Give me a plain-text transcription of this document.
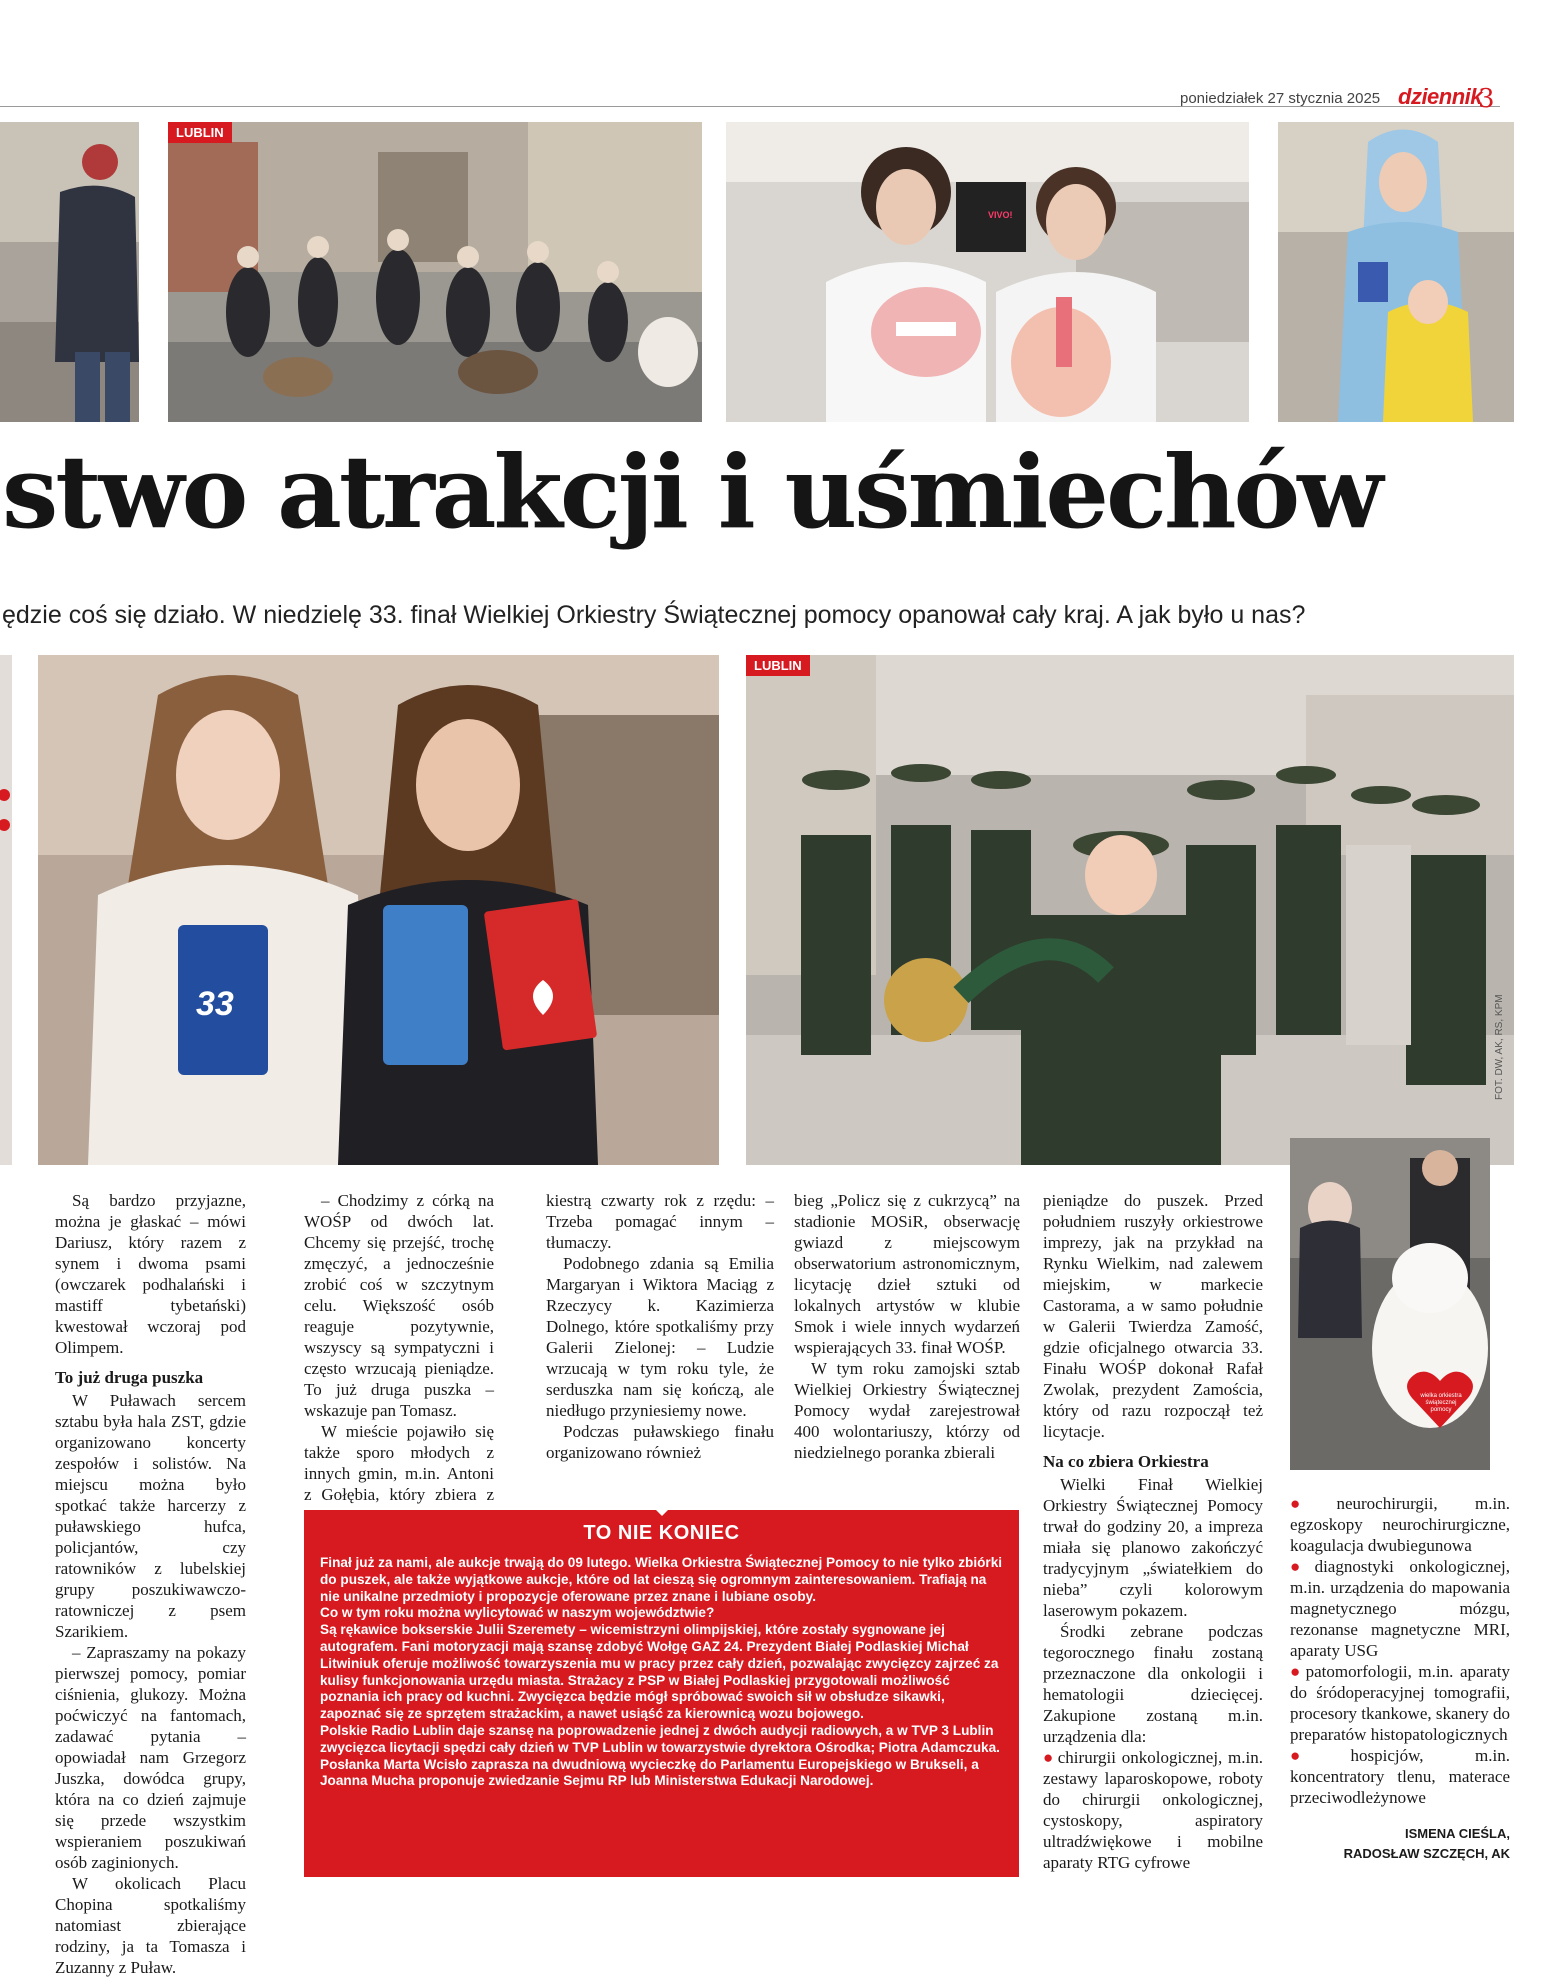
poniedziałek 27 stycznia 2025 dziennik
3
LUBLIN
VIVO!
stwo atrakcji i uśmiechów
ędzie coś się działo. W niedzielę 33. finał Wielkiej Orkiestry Świątecznej pomocy opanował cały kraj. A jak było u nas?
33
LUBLIN
FOT. DW, AK, RS, KPM

Są bardzo przyjazne, można je głaskać – mówi Dariusz, który razem z synem i dwoma psami (owczarek podhalański i mastiff tybetański) kwestował wczoraj pod Olimpem.

To już druga puszka

W Puławach sercem sztabu była hala ZST, gdzie organizowano koncerty zespołów i solistów. Na miejscu można było spotkać także harcerzy z puławskiego hufca, policjantów, czy ratowników z lubelskiej grupy poszukiwawczo-ratowniczej z psem Szarikiem.

– Zapraszamy na pokazy pierwszej pomocy, pomiar ciśnienia, glukozy. Można poćwiczyć na fantomach, zadawać pytania – opowiadał nam Grzegorz Juszka, dowódca grupy, która na co dzień zajmuje się przede wszystkim wspieraniem poszukiwań osób zaginionych.

W okolicach Placu Chopina spotkaliśmy natomiast zbierające rodziny, ja ta Tomasza i Zuzanny z Puław.

– Chodzimy z córką na WOŚP od dwóch lat. Chcemy się przejść, trochę zmęczyć, a jednocześnie zrobić coś w szczytnym celu. Większość osób reaguje pozytywnie, wszyscy są sympatyczni i często wrzucają pieniądze. To już druga puszka – wskazuje pan Tomasz.

W mieście pojawiło się także sporo młodych z innych gmin, m.in. Antoni z Gołębia, który zbiera z

kiestrą czwarty rok z rzędu: – Trzeba pomagać innym – tłumaczy.

Podobnego zdania są Emilia Margaryan i Wiktora Maciąg z Rzeczycy k. Kazimierza Dolnego, które spotkaliśmy przy Galerii Zielonej: – Ludzie wrzucają w tym roku tyle, że serduszka nam się kończą, ale niedługo przyniesiemy nowe.

Podczas puławskiego finału organizowano również

bieg „Policz się z cukrzycą” na stadionie MOSiR, obserwację gwiazd z miejscowym obserwatorium astronomicznym, licytację dzieł sztuki od lokalnych artystów w klubie Smok i wiele innych wydarzeń wspierających 33. finał WOŚP.

W tym roku zamojski sztab Wielkiej Orkiestry Świątecznej Pomocy wydał zarejestrował 400 wolontariuszy, którzy od niedzielnego poranka zbierali

pieniądze do puszek. Przed południem ruszyły orkiestrowe imprezy, jak na przykład na Rynku Wielkim, nad zalewem miejskim, w markecie Castorama, a w samo południe w Galerii Twierdza Zamość, gdzie oficjalnego otwarcia 33. Finału WOŚP dokonał Rafał Zwolak, prezydent Zamościa, który od razu rozpoczął też licytacje.

Na co zbiera Orkiestra

Wielki Finał Wielkiej Orkiestry Świątecznej Pomocy trwał do godziny 20, a impreza miała się planowo zakończyć tradycyjnym „światełkiem do nieba” czyli kolorowym laserowym pokazem.

Środki zebrane podczas tegorocznego finału zostaną przeznaczone dla onkologii i hematologii dziecięcej. Zakupione zostaną m.in. urządzenia dla:

● chirurgii onkologicznej, m.in. zestawy laparoskopowe, roboty do chirurgii onkologicznej, cystoskopy, aspiratory ultradźwiękowe i mobilne aparaty RTG cyfrowe

wielka orkiestra świątecznej pomocy

● neurochirurgii, m.in. egzoskopy neurochirurgiczne, koagulacja dwubiegunowa

● diagnostyki onkologicznej, m.in. urządzenia do mapowania magnetycznego mózgu, rezonanse magnetyczne MRI, aparaty USG

● patomorfologii, m.in. aparaty do śródoperacyjnej tomografii, procesory tkankowe, skanery do preparatów histopatologicznych

● hospicjów, m.in. koncentratory tlenu, materace przeciwodleżynowe

ISMENA CIEŚLA,
RADOSŁAW SZCZĘCH, AK
TO NIE KONIEC

Finał już za nami, ale aukcje trwają do 09 lutego. Wielka Orkiestra Świątecznej Pomocy to nie tylko zbiórki do puszek, ale także wyjątkowe aukcje, które od lat cieszą się ogromnym zainteresowaniem. Trafiają na nie unikalne przedmioty i propozycje oferowane przez znane i lubiane osoby.

Co w tym roku można wylicytować w naszym województwie?

Są rękawice bokserskie Julii Szeremety – wicemistrzyni olimpijskiej, które zostały sygnowane jej autografem. Fani motoryzacji mają szansę zdobyć Wołgę GAZ 24. Prezydent Białej Podlaskiej Michał Litwiniuk oferuje możliwość towarzyszenia mu w pracy przez cały dzień, pozwalając zwycięzcy zajrzeć za kulisy funkcjonowania urzędu miasta. Strażacy z PSP w Białej Podlaskiej przygotowali możliwość poznania ich pracy od kuchni. Zwycięzca będzie mógł spróbować swoich sił w obsłudze sikawki, zapoznać się ze sprzętem strażackim, a nawet usiąść za kierownicą wozu bojowego.

Polskie Radio Lublin daje szansę na poprowadzenie jednej z dwóch audycji radiowych, a w TVP 3 Lublin zwycięzca licytacji spędzi cały dzień w TVP Lublin w towarzystwie dyrektora Ośrodka; Piotra Adamczuka.

Posłanka Marta Wcisło zaprasza na dwudniową wycieczkę do Parlamentu Europejskiego w Brukseli, a Joanna Mucha proponuje zwiedzanie Sejmu RP lub Ministerstwa Edukacji Narodowej.
